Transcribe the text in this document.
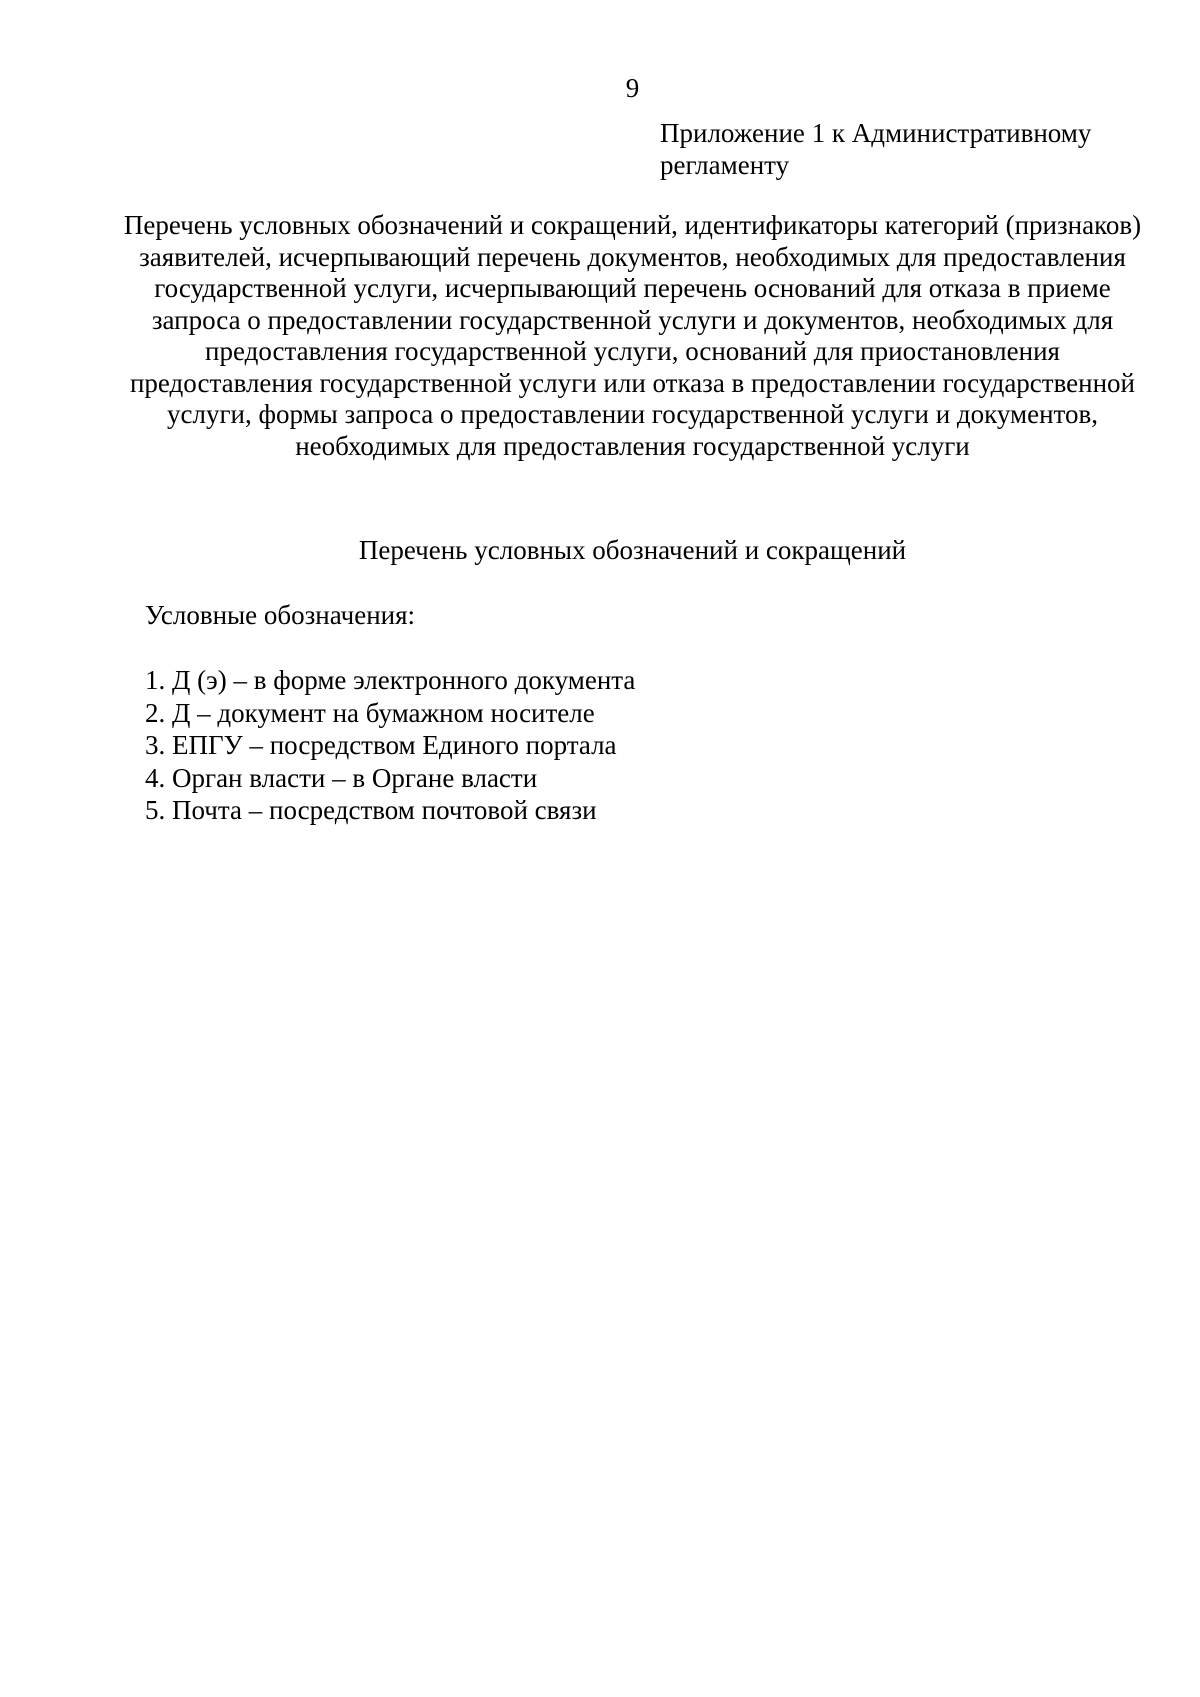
9
Приложение 1 к Административному регламенту
Перечень условных обозначений и сокращений, идентификаторы категорий (признаков) заявителей, исчерпывающий перечень документов, необходимых для предоставления государственной услуги, исчерпывающий перечень оснований для отказа в приеме запроса о предоставлении государственной услуги и документов, необходимых для предоставления государственной услуги, оснований для приостановления предоставления государственной услуги или отказа в предоставлении государственной услуги, формы запроса о предоставлении государственной услуги и документов, необходимых для предоставления государственной услуги
Перечень условных обозначений и сокращений
Условные обозначения:
1. Д (э) – в форме электронного документа
2. Д – документ на бумажном носителе
3. ЕПГУ – посредством Единого портала
4. Орган власти – в Органе власти
5. Почта – посредством почтовой связи
